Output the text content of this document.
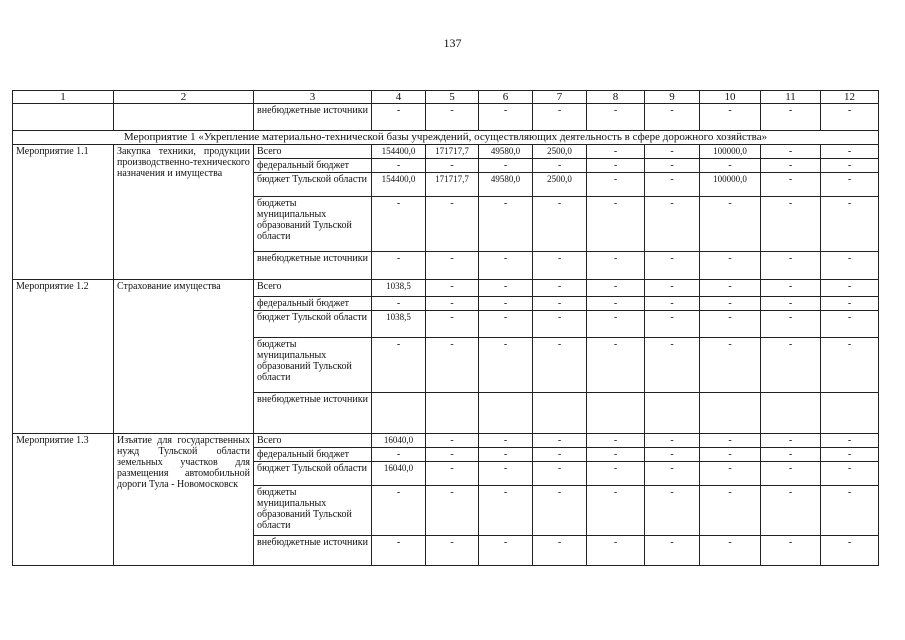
137
1	2	3	4	5	6	7	8	9	10	11	12
		внебюджетные источники	-	-	-	-	-	-	-	-	-
Мероприятие 1 «Укрепление материально-технической базы учреждений, осуществляющих деятельность в сфере дорожного хозяйства»											
Мероприятие 1.1	Закупка техники, продукции производственно-технического назначения и имущества	Всего	154400,0	171717,7	49580,0	2500,0	-	-	100000,0	-	-
		федеральный бюджет	-	-	-	-	-	-	-	-	-
		бюджет Тульской области	154400,0	171717,7	49580,0	2500,0	-	-	100000,0	-	-
		бюджеты муниципальных образований Тульской области	-	-	-	-	-	-	-	-	-
		внебюджетные источники	-	-	-	-	-	-	-	-	-
Мероприятие 1.2	Страхование имущества	Всего	1038,5	-	-	-	-	-	-	-	-
		федеральный бюджет	-	-	-	-	-	-	-	-	-
		бюджет Тульской области	1038,5	-	-	-	-	-	-	-	-
		бюджеты муниципальных образований Тульской области	-	-	-	-	-	-	-	-	-
		внебюджетные источники									
Мероприятие 1.3	Изъятие для государственных нужд Тульской области земельных участков для размещения автомобильной дороги Тула - Новомосковск	Всего	16040,0	-	-	-	-	-	-	-	-
		федеральный бюджет	-	-	-	-	-	-	-	-	-
		бюджет Тульской области	16040,0	-	-	-	-	-	-	-	-
		бюджеты муниципальных образований Тульской области	-	-	-	-	-	-	-	-	-
		внебюджетные источники	-	-	-	-	-	-	-	-	-
